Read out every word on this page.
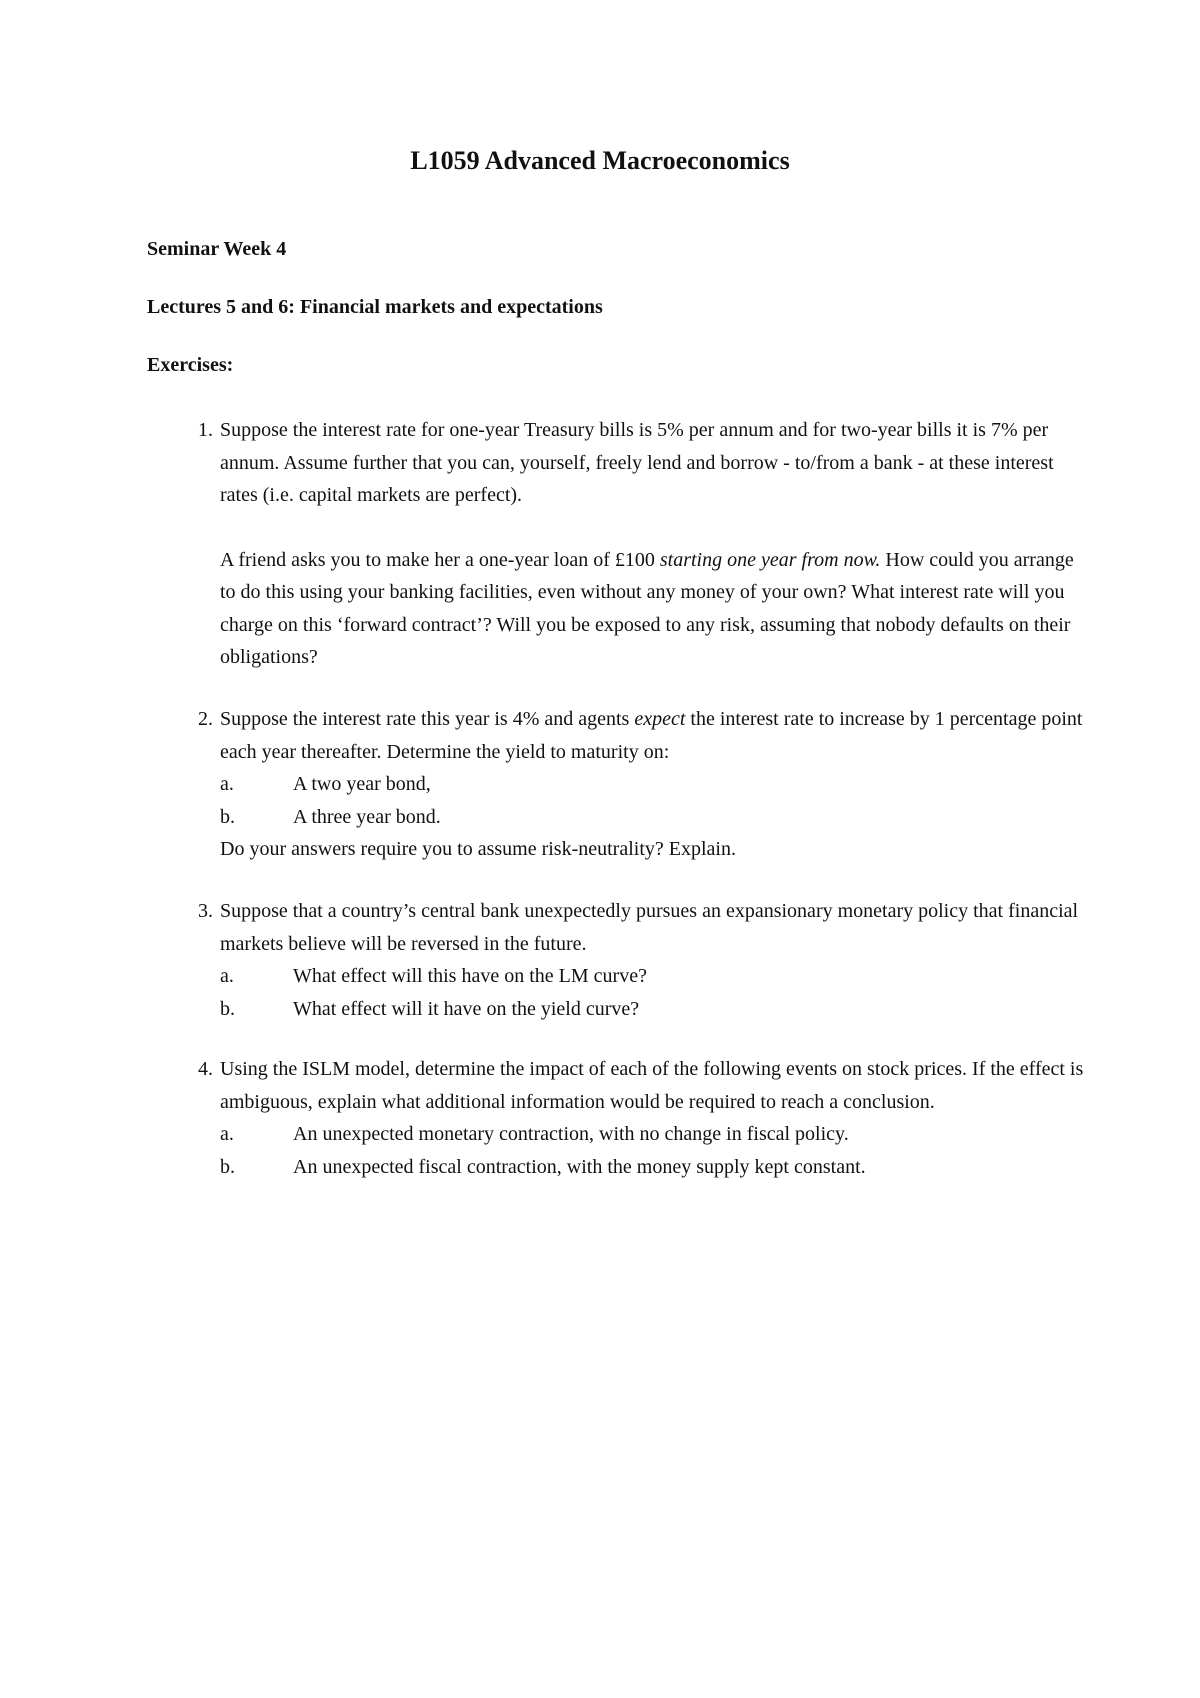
L1059 Advanced Macroeconomics
Seminar Week 4
Lectures 5 and 6: Financial markets and expectations
Exercises:
1. Suppose the interest rate for one-year Treasury bills is 5% per annum and for two-year bills it is 7% per annum. Assume further that you can, yourself, freely lend and borrow - to/from a bank - at these interest rates (i.e. capital markets are perfect).

A friend asks you to make her a one-year loan of £100 starting one year from now. How could you arrange to do this using your banking facilities, even without any money of your own? What interest rate will you charge on this ‘forward contract’? Will you be exposed to any risk, assuming that nobody defaults on their obligations?

2. Suppose the interest rate this year is 4% and agents expect the interest rate to increase by 1 percentage point each year thereafter. Determine the yield to maturity on:
a.	A two year bond,
b.	A three year bond.
Do your answers require you to assume risk-neutrality? Explain.
3. Suppose that a country’s central bank unexpectedly pursues an expansionary monetary policy that financial markets believe will be reversed in the future.
a.	What effect will this have on the LM curve?
b.	What effect will it have on the yield curve?
4. Using the ISLM model, determine the impact of each of the following events on stock prices. If the effect is ambiguous, explain what additional information would be required to reach a conclusion.
a.	An unexpected monetary contraction, with no change in fiscal policy.
b.	An unexpected fiscal contraction, with the money supply kept constant.
